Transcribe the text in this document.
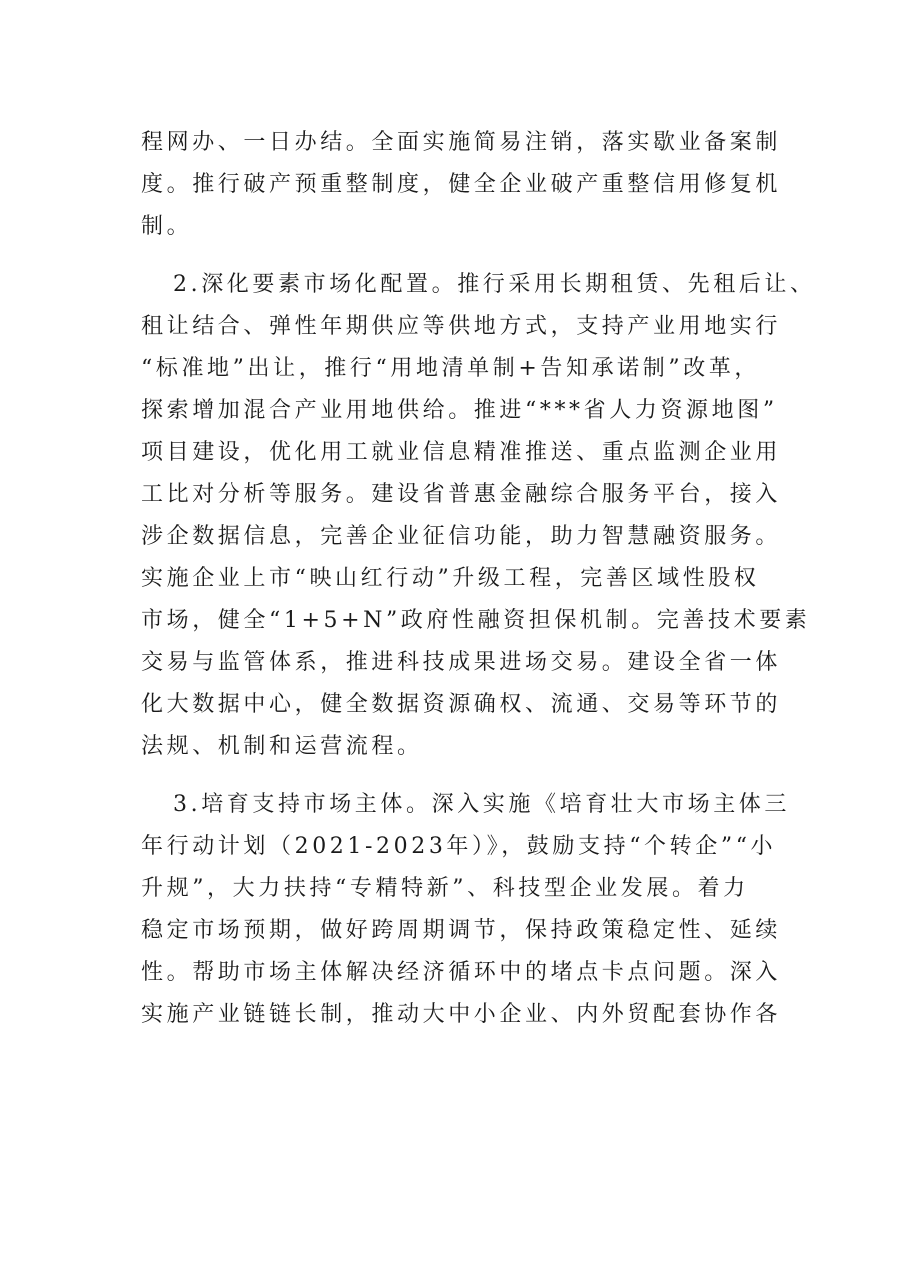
程网办、一日办结。全面实施简易注销，落实歇业备案制
度。推行破产预重整制度，健全企业破产重整信用修复机
制。
2.深化要素市场化配置。推行采用长期租赁、先租后让、
租让结合、弹性年期供应等供地方式，支持产业用地实行
“标准地”出让，推行“用地清单制+告知承诺制”改革，
探索增加混合产业用地供给。推进“***省人力资源地图”
项目建设，优化用工就业信息精准推送、重点监测企业用
工比对分析等服务。建设省普惠金融综合服务平台，接入
涉企数据信息，完善企业征信功能，助力智慧融资服务。
实施企业上市“映山红行动”升级工程，完善区域性股权
市场，健全“1+5+N”政府性融资担保机制。完善技术要素
交易与监管体系，推进科技成果进场交易。建设全省一体
化大数据中心，健全数据资源确权、流通、交易等环节的
法规、机制和运营流程。
3.培育支持市场主体。深入实施《培育壮大市场主体三
年行动计划（2021-2023年）》，鼓励支持“个转企”“小
升规”，大力扶持“专精特新”、科技型企业发展。着力
稳定市场预期，做好跨周期调节，保持政策稳定性、延续
性。帮助市场主体解决经济循环中的堵点卡点问题。深入
实施产业链链长制，推动大中小企业、内外贸配套协作各
